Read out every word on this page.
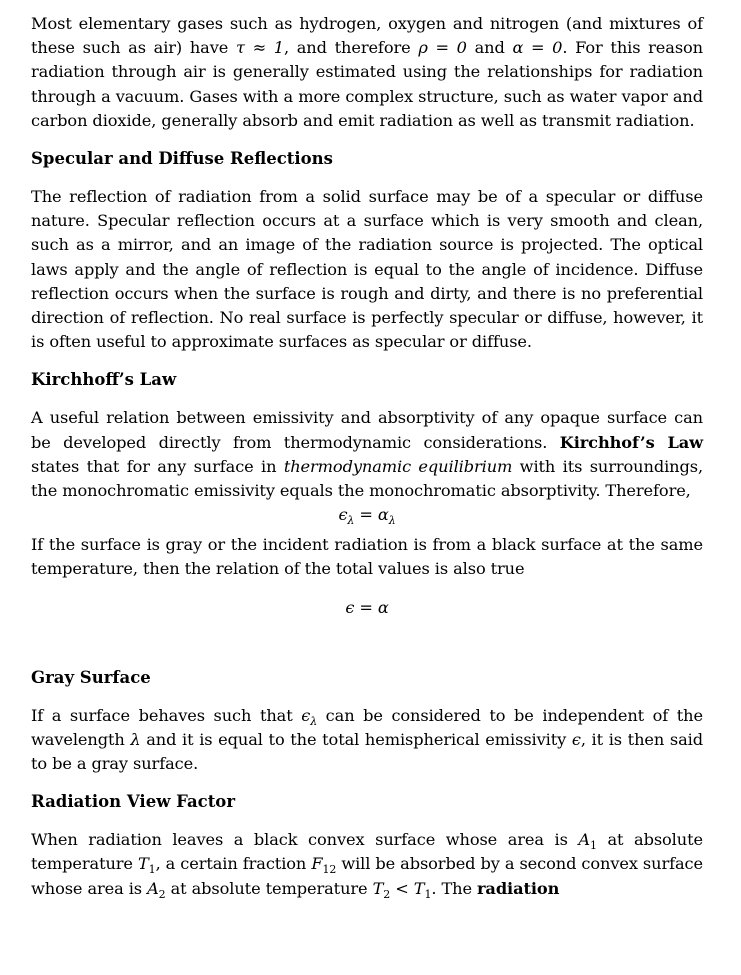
Most elementary gases such as hydrogen, oxygen and nitrogen (and mixtures of these such as air) have τ ≈ 1, and therefore ρ = 0 and α = 0. For this reason radiation through air is generally estimated using the relationships for radiation through a vacuum. Gases with a more complex structure, such as water vapor and carbon dioxide, generally absorb and emit radiation as well as transmit radiation.

Specular and Diffuse Reflections

The reflection of radiation from a solid surface may be of a specular or diffuse nature. Specular reflection occurs at a surface which is very smooth and clean, such as a mirror, and an image of the radiation source is projected. The optical laws apply and the angle of reflection is equal to the angle of incidence. Diffuse reflection occurs when the surface is rough and dirty, and there is no preferential direction of reflection. No real surface is perfectly specular or diffuse, however, it is often useful to approximate surfaces as specular or diffuse.

Kirchhoff’s Law

A useful relation between emissivity and absorptivity of any opaque surface can be developed directly from thermodynamic considerations. Kirchhof’s Law states that for any surface in thermodynamic equilibrium with its surroundings, the monochromatic emissivity equals the monochromatic absorptivity. Therefore,

$\epsilon_\lambda = \alpha_\lambda$

If the surface is gray or the incident radiation is from a black surface at the same temperature, then the relation of the total values is also true

ϵ = α

Gray Surface

If a surface behaves such that $\epsilon_\lambda$ can be considered to be independent of the wavelength λ and it is equal to the total hemispherical emissivity ϵ, it is then said to be a gray surface.

Radiation View Factor

When radiation leaves a black convex surface whose area is $A_1$ at absolute temperature $T_1$, a certain fraction $F_{12}$ will be absorbed by a second convex surface whose area is $A_2$ at absolute temperature $T_2 < T_1$. The radiation
